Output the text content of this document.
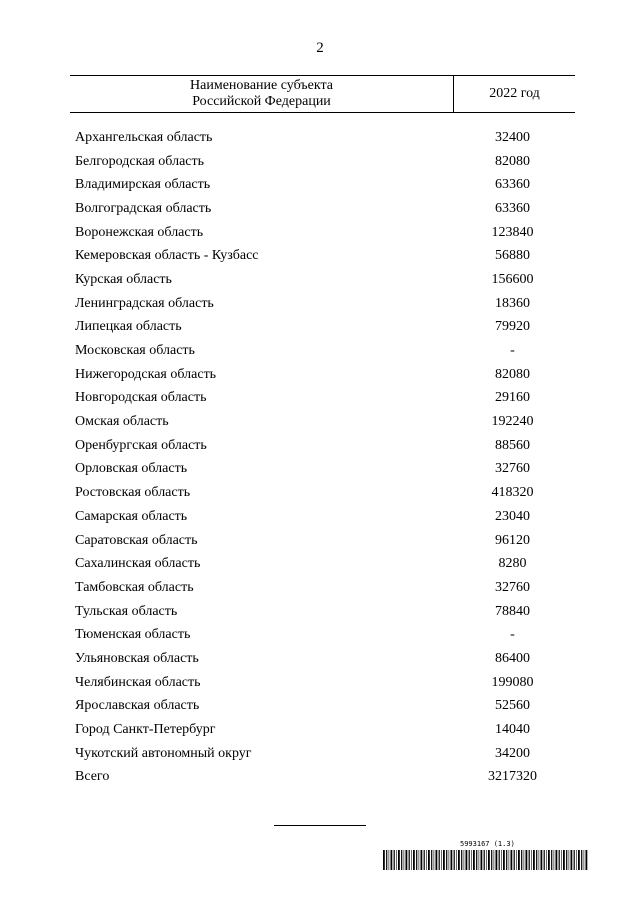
2
Наименование субъекта
Российской Федерации
2022 год
Архангельская область	32400
Белгородская область	82080
Владимирская область	63360
Волгоградская область	63360
Воронежская область	123840
Кемеровская область - Кузбасс	56880
Курская область	156600
Ленинградская область	18360
Липецкая область	79920
Московская область	-
Нижегородская область	82080
Новгородская область	29160
Омская область	192240
Оренбургская область	88560
Орловская область	32760
Ростовская область	418320
Самарская область	23040
Саратовская область	96120
Сахалинская область	8280
Тамбовская область	32760
Тульская область	78840
Тюменская область	-
Ульяновская область	86400
Челябинская область	199080
Ярославская область	52560
Город Санкт-Петербург	14040
Чукотский автономный округ	34200
Всего	3217320
5993167 (1.3)
